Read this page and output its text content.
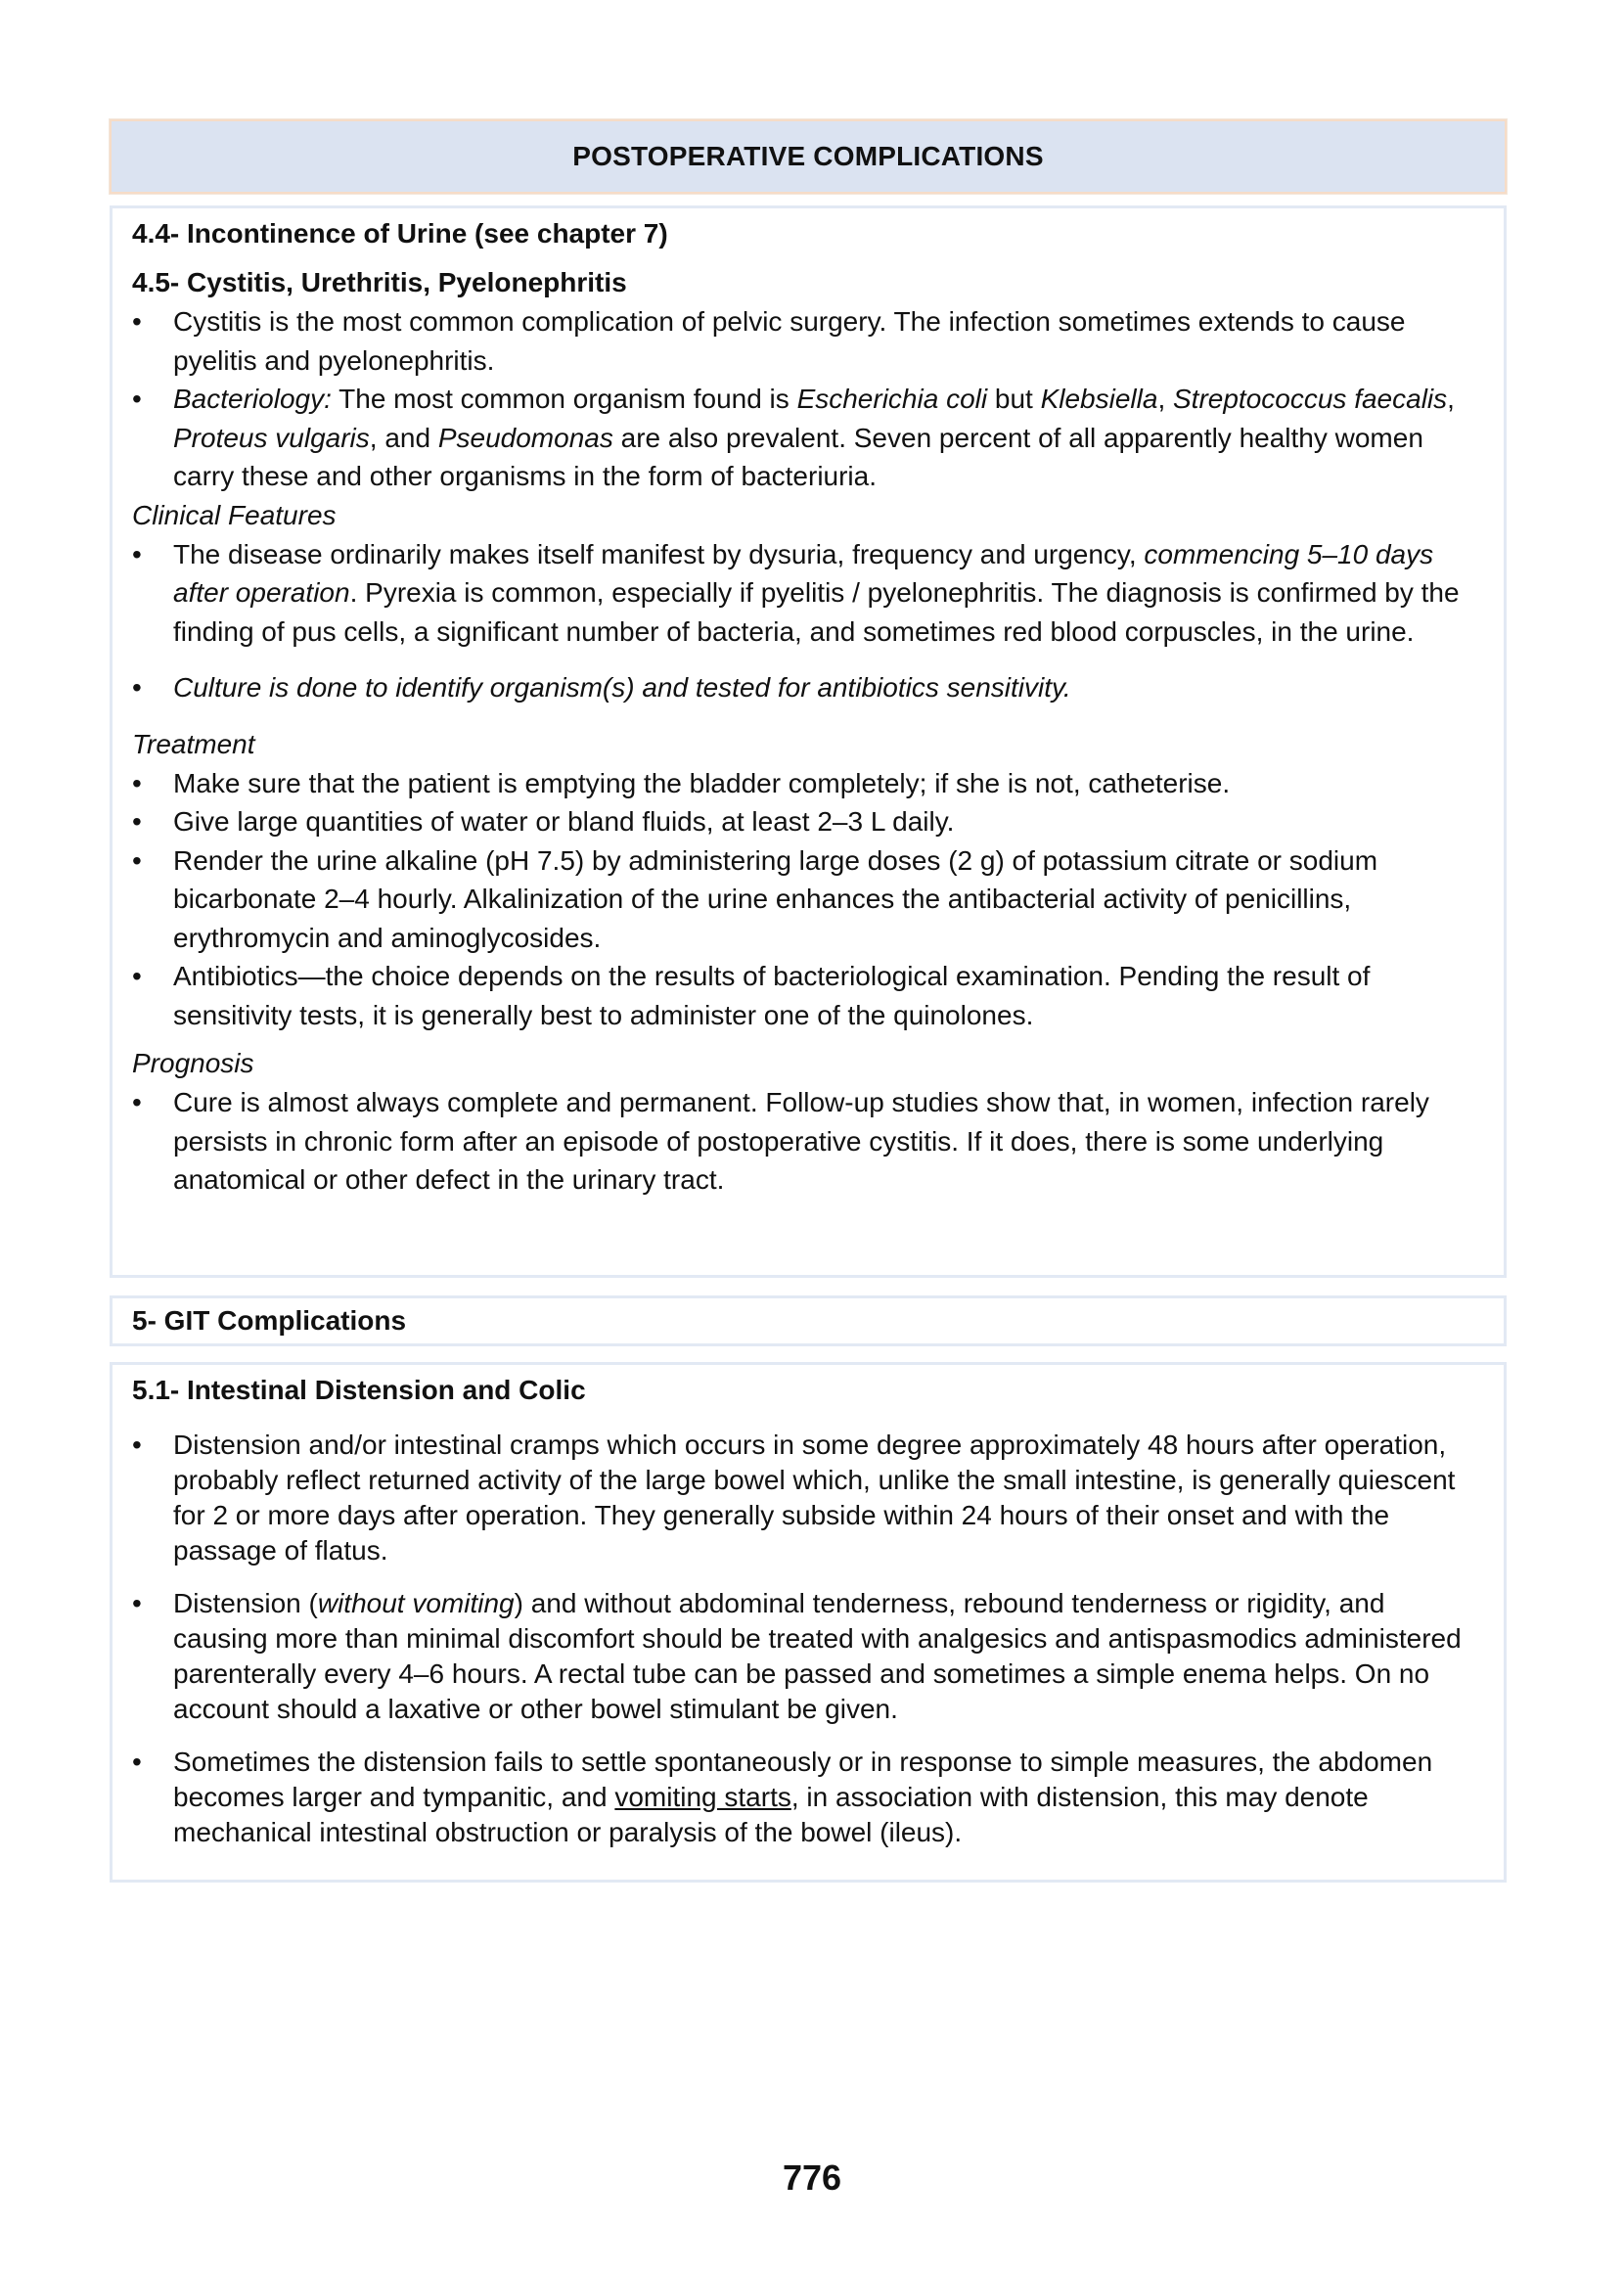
POSTOPERATIVE COMPLICATIONS
4.4- Incontinence of Urine (see chapter 7)
4.5- Cystitis, Urethritis, Pyelonephritis
• Cystitis is the most common complication of pelvic surgery. The infection sometimes extends to cause pyelitis and pyelonephritis.
• Bacteriology: The most common organism found is Escherichia coli but Klebsiella, Streptococcus faecalis, Proteus vulgaris, and Pseudomonas are also prevalent. Seven percent of all apparently healthy women carry these and other organisms in the form of bacteriuria.
Clinical Features
• The disease ordinarily makes itself manifest by dysuria, frequency and urgency, commencing 5–10 days after operation. Pyrexia is common, especially if pyelitis / pyelonephritis. The diagnosis is confirmed by the finding of pus cells, a significant number of bacteria, and sometimes red blood corpuscles, in the urine.
• Culture is done to identify organism(s) and tested for antibiotics sensitivity.
Treatment
• Make sure that the patient is emptying the bladder completely; if she is not, catheterise.
• Give large quantities of water or bland fluids, at least 2–3 L daily.
• Render the urine alkaline (pH 7.5) by administering large doses (2 g) of potassium citrate or sodium bicarbonate 2–4 hourly. Alkalinization of the urine enhances the antibacterial activity of penicillins, erythromycin and aminoglycosides.
• Antibiotics—the choice depends on the results of bacteriological examination. Pending the result of sensitivity tests, it is generally best to administer one of the quinolones.
Prognosis
• Cure is almost always complete and permanent. Follow-up studies show that, in women, infection rarely persists in chronic form after an episode of postoperative cystitis. If it does, there is some underlying anatomical or other defect in the urinary tract.
5- GIT Complications
5.1- Intestinal Distension and Colic
• Distension and/or intestinal cramps which occurs in some degree approximately 48 hours after operation, probably reflect returned activity of the large bowel which, unlike the small intestine, is generally quiescent for 2 or more days after operation. They generally subside within 24 hours of their onset and with the passage of flatus.
• Distension (without vomiting) and without abdominal tenderness, rebound tenderness or rigidity, and causing more than minimal discomfort should be treated with analgesics and antispasmodics administered parenterally every 4–6 hours. A rectal tube can be passed and sometimes a simple enema helps. On no account should a laxative or other bowel stimulant be given.
• Sometimes the distension fails to settle spontaneously or in response to simple measures, the abdomen becomes larger and tympanitic, and vomiting starts, in association with distension, this may denote mechanical intestinal obstruction or paralysis of the bowel (ileus).
776
